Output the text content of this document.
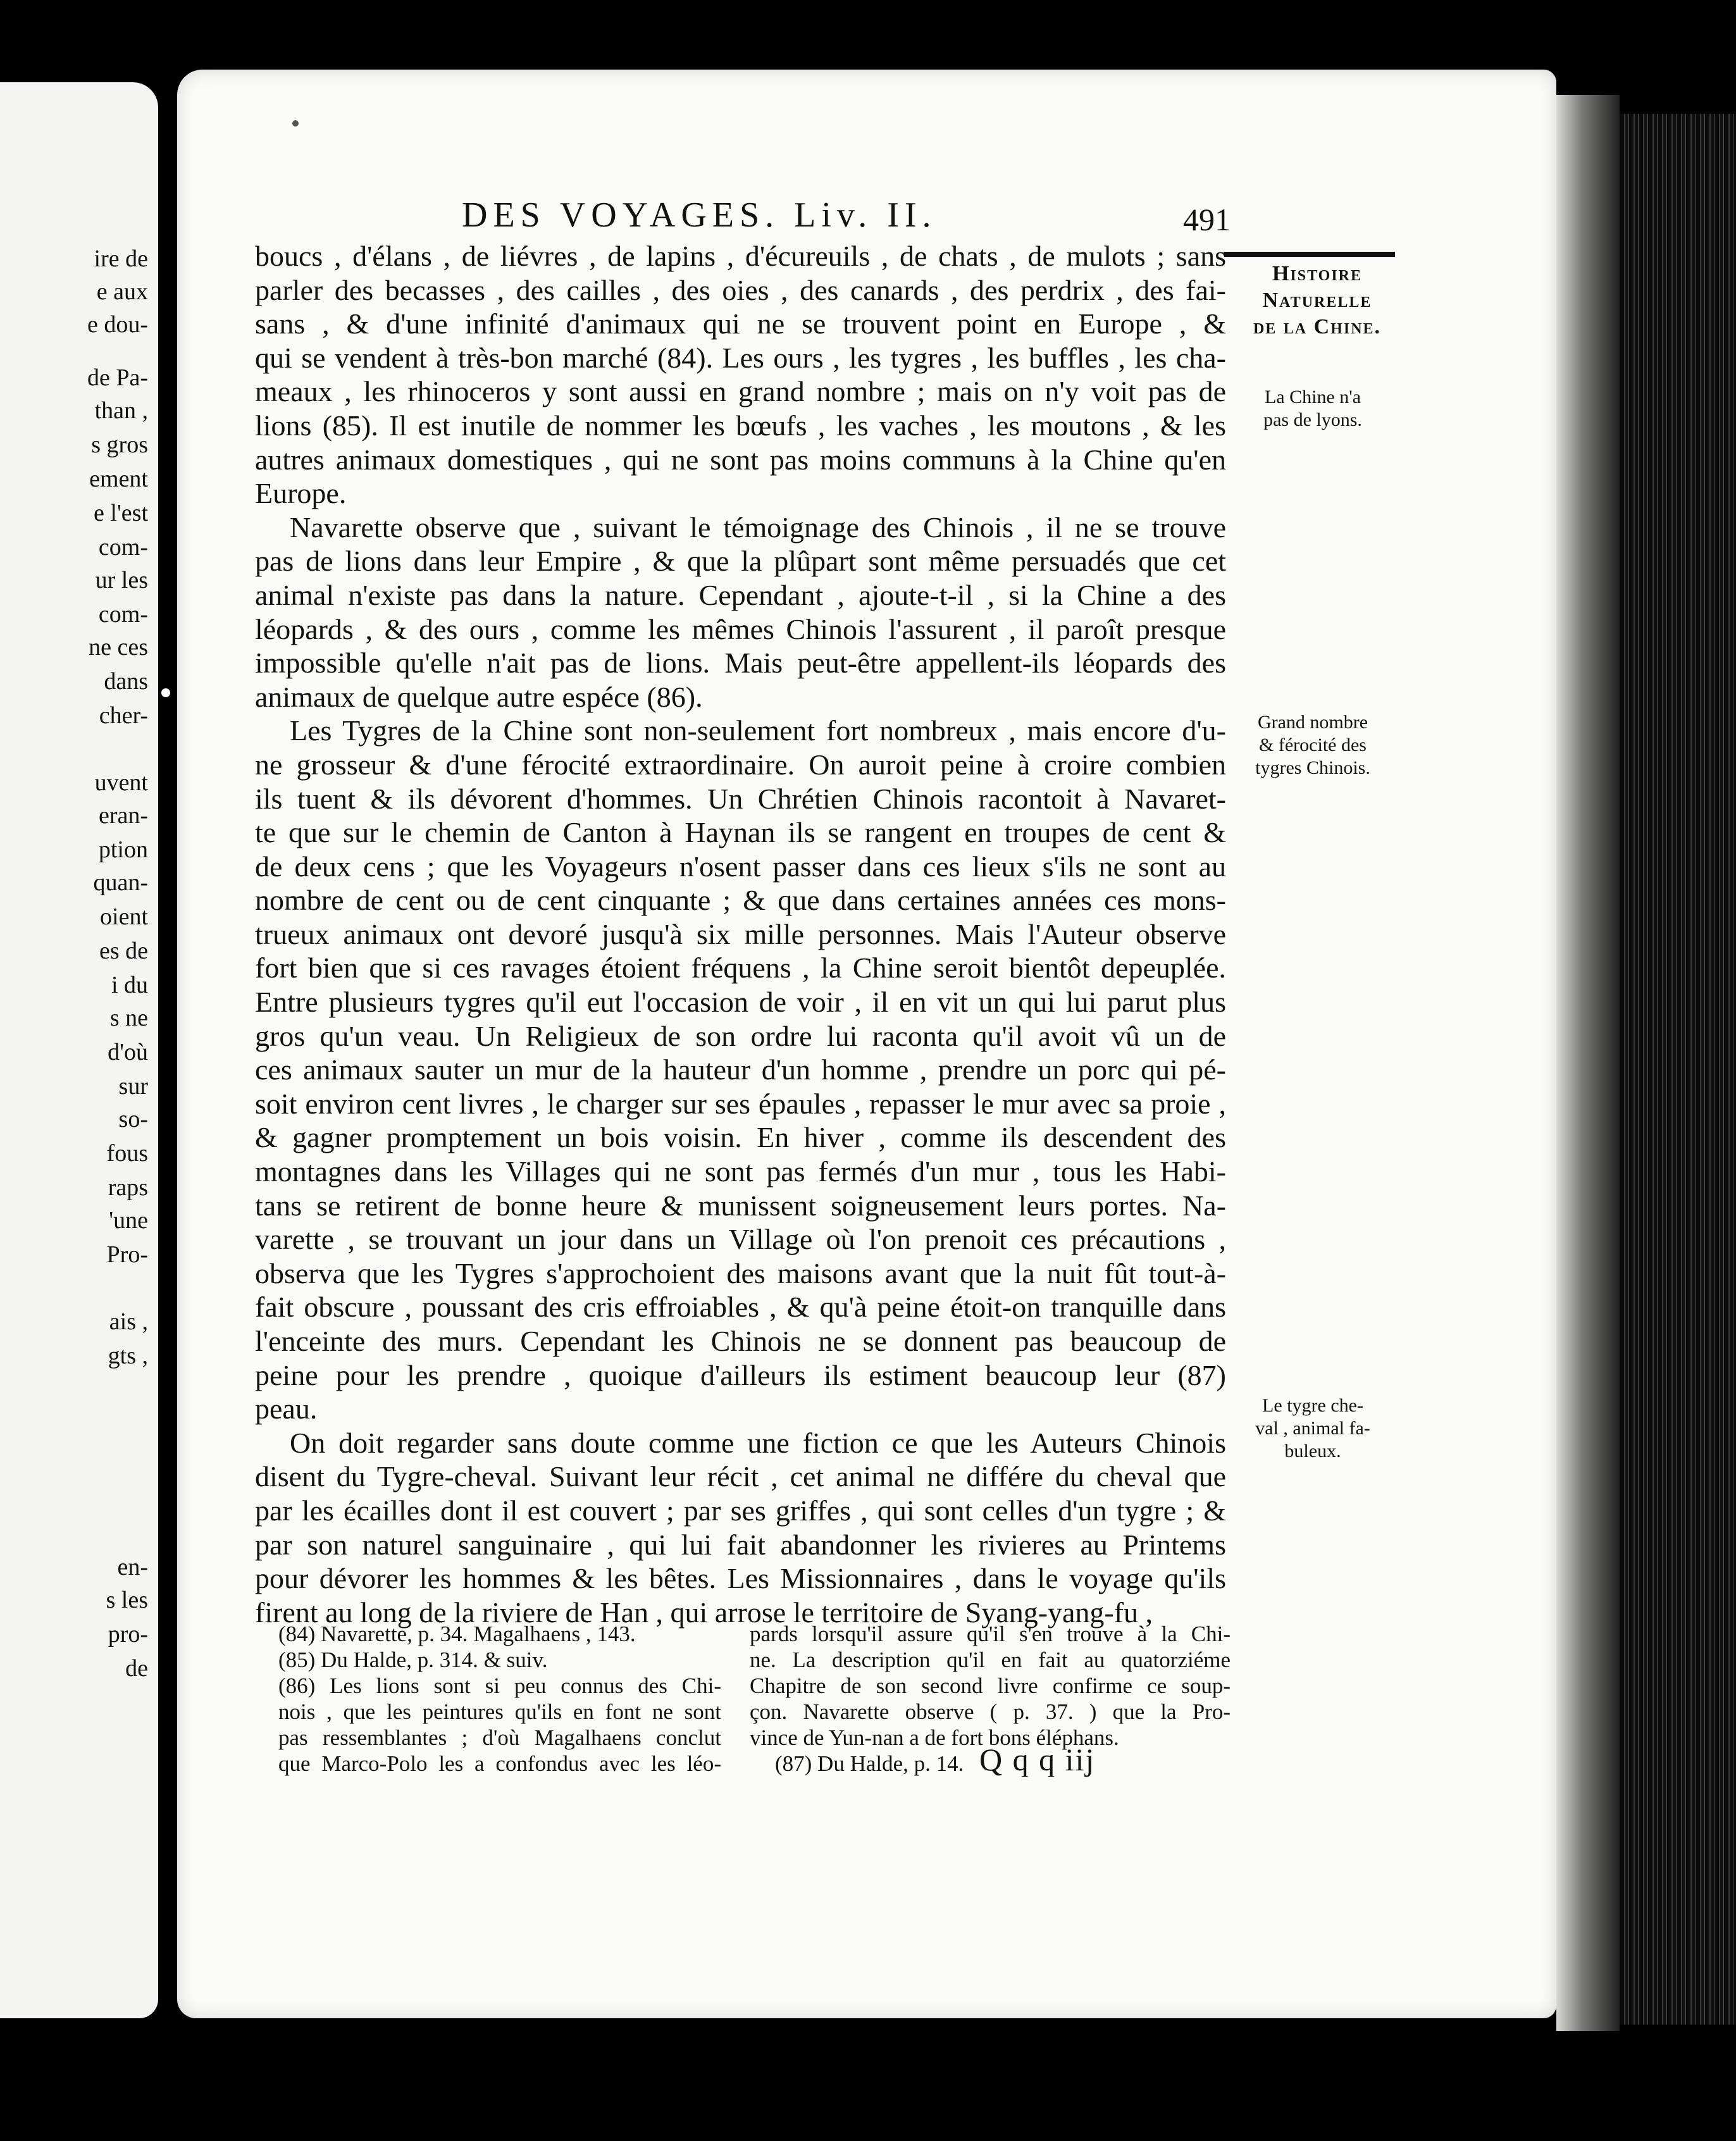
ire de
e aux
e dou-
de Pa-
than ,
s gros
ement
e l'est
com-
ur les
com-
ne ces
dans
cher-
uvent
eran-
ption
quan-
oient
es de
i du
s ne
d'où
sur
so-
fous
raps
'une
Pro-
ais ,
gts ,
en-
s les
pro-
de
DES VOYAGES. Liv. II.	491
Histoire
Naturelle
de la Chine.
La Chine n'a
pas de lyons.
Grand nombre
& férocité des
tygres Chinois.
Le tygre che-
val , animal fa-
buleux.
boucs , d'élans , de liévres , de lapins , d'écureuils , de chats , de mulots ; sans
parler des becasses , des cailles , des oies , des canards , des perdrix , des fai-
sans , & d'une infinité d'animaux qui ne se trouvent point en Europe , &
qui se vendent à très-bon marché (84). Les ours , les tygres , les buffles , les cha-
meaux , les rhinoceros y sont aussi en grand nombre ; mais on n'y voit pas de
lions (85). Il est inutile de nommer les bœufs , les vaches , les moutons , & les
autres animaux domestiques , qui ne sont pas moins communs à la Chine qu'en
Europe.
Navarette observe que , suivant le témoignage des Chinois , il ne se trouve
pas de lions dans leur Empire , & que la plûpart sont même persuadés que cet
animal n'existe pas dans la nature. Cependant , ajoute-t-il , si la Chine a des
léopards , & des ours , comme les mêmes Chinois l'assurent , il paroît presque
impossible qu'elle n'ait pas de lions. Mais peut-être appellent-ils léopards des
animaux de quelque autre espéce (86).
Les Tygres de la Chine sont non-seulement fort nombreux , mais encore d'u-
ne grosseur & d'une férocité extraordinaire. On auroit peine à croire combien
ils tuent & ils dévorent d'hommes. Un Chrétien Chinois racontoit à Navaret-
te que sur le chemin de Canton à Haynan ils se rangent en troupes de cent &
de deux cens ; que les Voyageurs n'osent passer dans ces lieux s'ils ne sont au
nombre de cent ou de cent cinquante ; & que dans certaines années ces mons-
trueux animaux ont devoré jusqu'à six mille personnes. Mais l'Auteur observe
fort bien que si ces ravages étoient fréquens , la Chine seroit bientôt depeuplée.
Entre plusieurs tygres qu'il eut l'occasion de voir , il en vit un qui lui parut plus
gros qu'un veau. Un Religieux de son ordre lui raconta qu'il avoit vû un de
ces animaux sauter un mur de la hauteur d'un homme , prendre un porc qui pé-
soit environ cent livres , le charger sur ses épaules , repasser le mur avec sa proie ,
& gagner promptement un bois voisin. En hiver , comme ils descendent des
montagnes dans les Villages qui ne sont pas fermés d'un mur , tous les Habi-
tans se retirent de bonne heure & munissent soigneusement leurs portes. Na-
varette , se trouvant un jour dans un Village où l'on prenoit ces précautions ,
observa que les Tygres s'approchoient des maisons avant que la nuit fût tout-à-
fait obscure , poussant des cris effroiables , & qu'à peine étoit-on tranquille dans
l'enceinte des murs. Cependant les Chinois ne se donnent pas beaucoup de
peine pour les prendre , quoique d'ailleurs ils estiment beaucoup leur (87)
peau.
On doit regarder sans doute comme une fiction ce que les Auteurs Chinois
disent du Tygre-cheval. Suivant leur récit , cet animal ne différe du cheval que
par les écailles dont il est couvert ; par ses griffes , qui sont celles d'un tygre ; &
par son naturel sanguinaire , qui lui fait abandonner les rivieres au Printems
pour dévorer les hommes & les bêtes. Les Missionnaires , dans le voyage qu'ils
firent au long de la riviere de Han , qui arrose le territoire de Syang-yang-fu ,
(84) Navarette, p. 34. Magalhaens , 143.
(85) Du Halde, p. 314. & suiv.
(86) Les lions sont si peu connus des Chi-
nois , que les peintures qu'ils en font ne sont
pas ressemblantes ; d'où Magalhaens conclut
que Marco-Polo les a confondus avec les léo-
pards lorsqu'il assure qu'il s'en trouve à la Chi-
ne. La description qu'il en fait au quatorziéme
Chapitre de son second livre confirme ce soup-
çon. Navarette observe ( p. 37. ) que la Pro-
vince de Yun-nan a de fort bons éléphans.
(87) Du Halde, p. 14. Q q q iij
